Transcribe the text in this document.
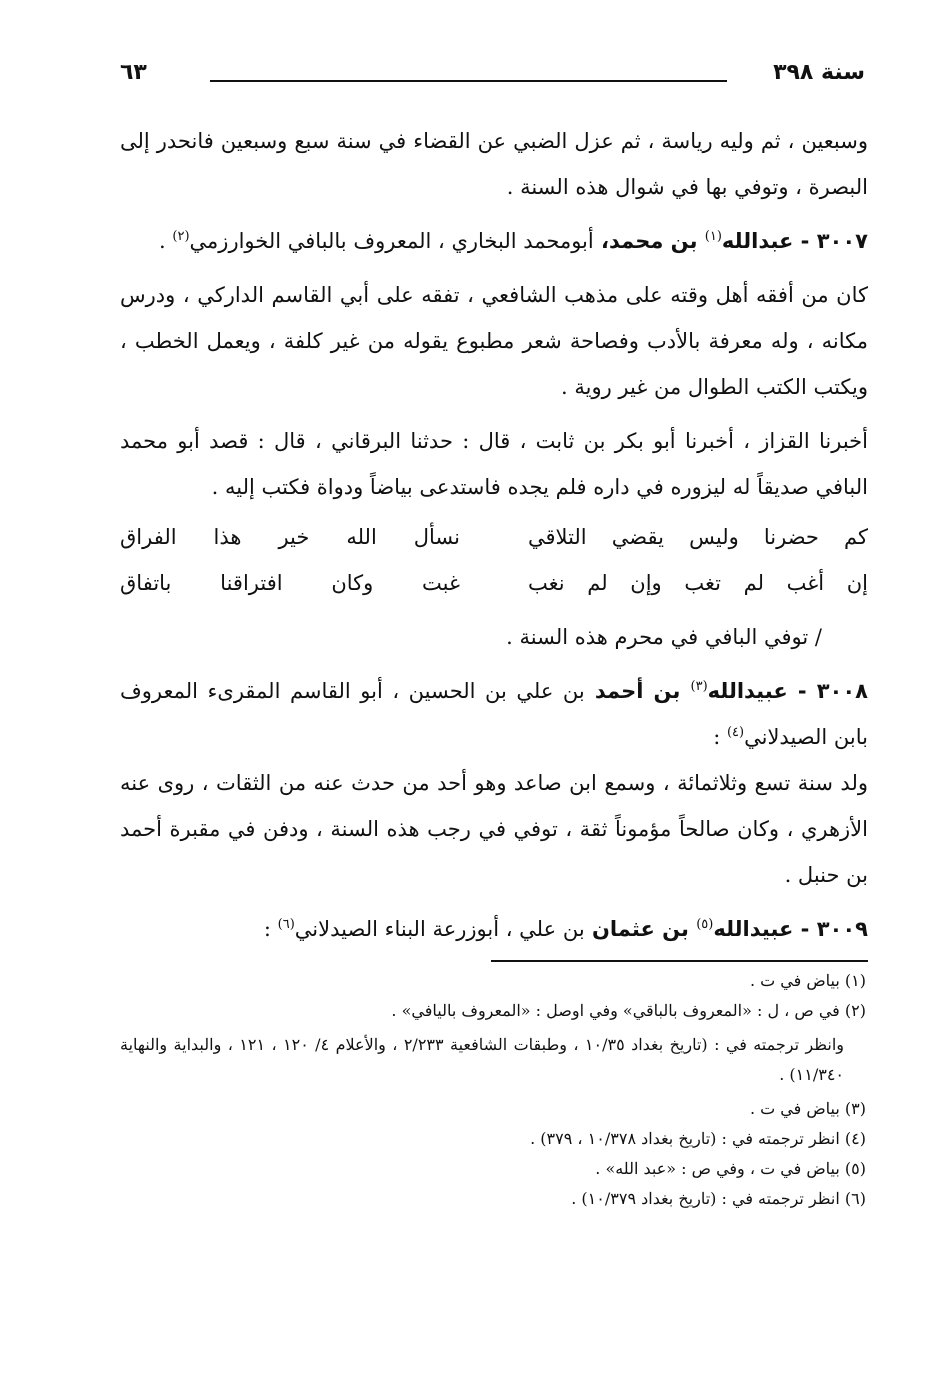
سنة ٣٩٨
٦٣

وسبعين ، ثم وليه رياسة ، ثم عزل الضبي عن القضاء في سنة سبع وسبعين فانحدر إلى البصرة ، وتوفي بها في شوال هذه السنة .

٣٠٠٧ - عبدالله$^{(١)}$ بن محمد، أبومحمد البخاري ، المعروف بالبافي الخوارزمي$^{(٢)}$ .

كان من أفقه أهل وقته على مذهب الشافعي ، تفقه على أبي القاسم الداركي ، ودرس مكانه ، وله معرفة بالأدب وفصاحة شعر مطبوع يقوله من غير كلفة ، ويعمل الخطب ، ويكتب الكتب الطوال من غير روية .

أخبرنا القزاز ، أخبرنا أبو بكر بن ثابت ، قال : حدثنا البرقاني ، قال : قصد أبو محمد البافي صديقاً له ليزوره في داره فلم يجده فاستدعى بياضاً ودواة فكتب إليه .

كم حضرنا وليس يقضي التلاقي
نسأل الله خير هذا الفراق
إن أغب لم تغب وإن لم نغب
غبت وكان افتراقنا باتفاق

/ توفي البافي في محرم هذه السنة .

٣٠٠٨ - عبيدالله$^{(٣)}$ بن أحمد بن علي بن الحسين ، أبو القاسم المقرىء المعروف بابن الصيدلاني$^{(٤)}$ :

ولد سنة تسع وثلاثمائة ، وسمع ابن صاعد وهو أحد من حدث عنه من الثقات ، روى عنه الأزهري ، وكان صالحاً مؤموناً ثقة ، توفي في رجب هذه السنة ، ودفن في مقبرة أحمد بن حنبل .

٣٠٠٩ - عبيدالله$^{(٥)}$ بن عثمان بن علي ، أبوزرعة البناء الصيدلاني$^{(٦)}$ :

(١) بياض في ت .

(٢) في ص ، ل : «المعروف بالباقي» وفي اوصل : «المعروف باليافي» .

وانظر ترجمته في : (تاريخ بغداد ١٠/٣٥ ، وطبقات الشافعية ٢/٢٣٣ ، والأعلام ٤/ ١٢٠ ، ١٢١ ، والبداية والنهاية ١١/٣٤٠) .

(٣) بياض في ت .

(٤) انظر ترجمته في : (تاريخ بغداد ١٠/٣٧٨ ، ٣٧٩) .

(٥) بياض في ت ، وفي ص : «عبد الله» .

(٦) انظر ترجمته في : (تاريخ بغداد ١٠/٣٧٩) .
